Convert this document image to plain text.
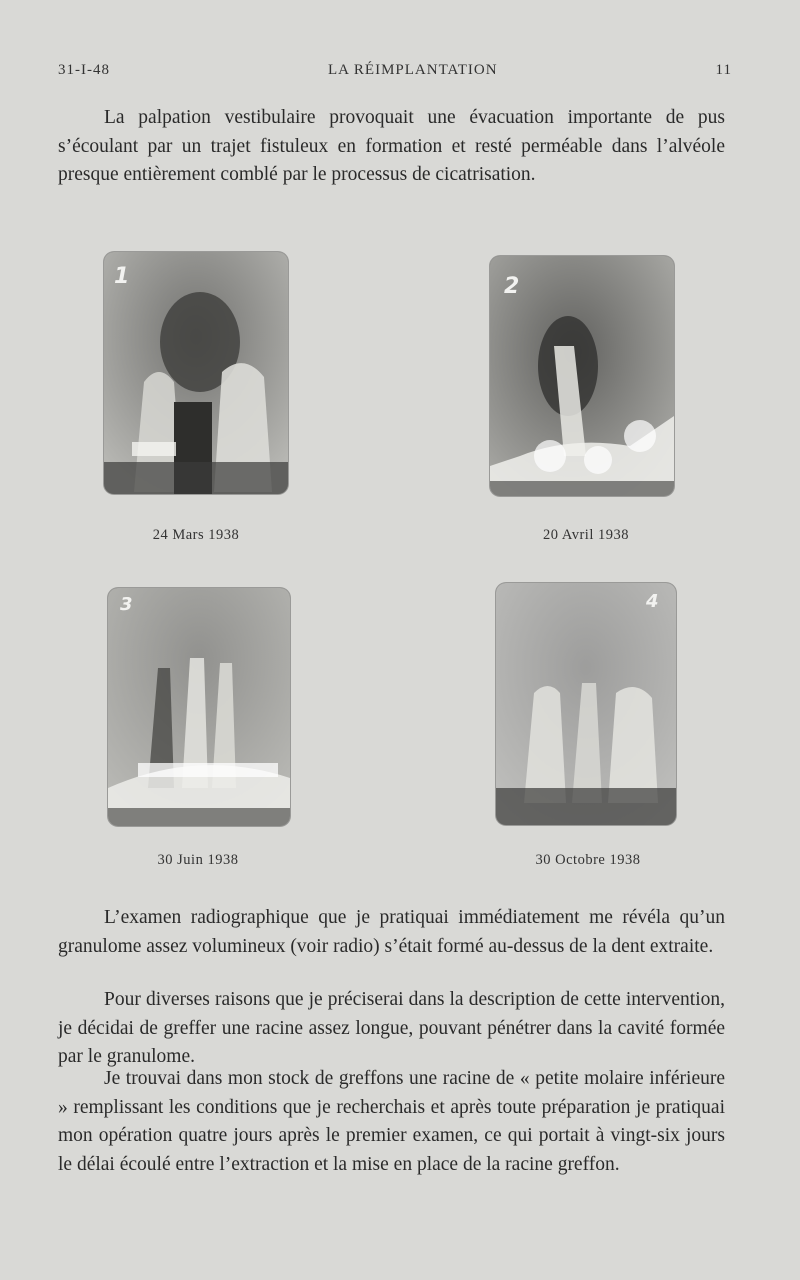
31-I-48	LA RÉIMPLANTATION	11

La palpation vestibulaire provoquait une évacuation importante de pus s’écoulant par un trajet fistuleux en formation et resté perméable dans l’alvéole presque entièrement comblé par le processus de cicatrisation.

1
24 Mars 1938
2
20 Avril 1938
3
30 Juin 1938
4
30 Octobre 1938

L’examen radiographique que je pratiquai immédiatement me révéla qu’un granulome assez volumineux (voir radio) s’était formé au-dessus de la dent extraite.

Pour diverses raisons que je préciserai dans la description de cette intervention, je décidai de greffer une racine assez longue, pouvant pénétrer dans la cavité formée par le granulome.

Je trouvai dans mon stock de greffons une racine de « petite molaire inférieure » remplissant les conditions que je recherchais et après toute préparation je pratiquai mon opération quatre jours après le premier examen, ce qui portait à vingt-six jours le délai écoulé entre l’extraction et la mise en place de la racine greffon.
